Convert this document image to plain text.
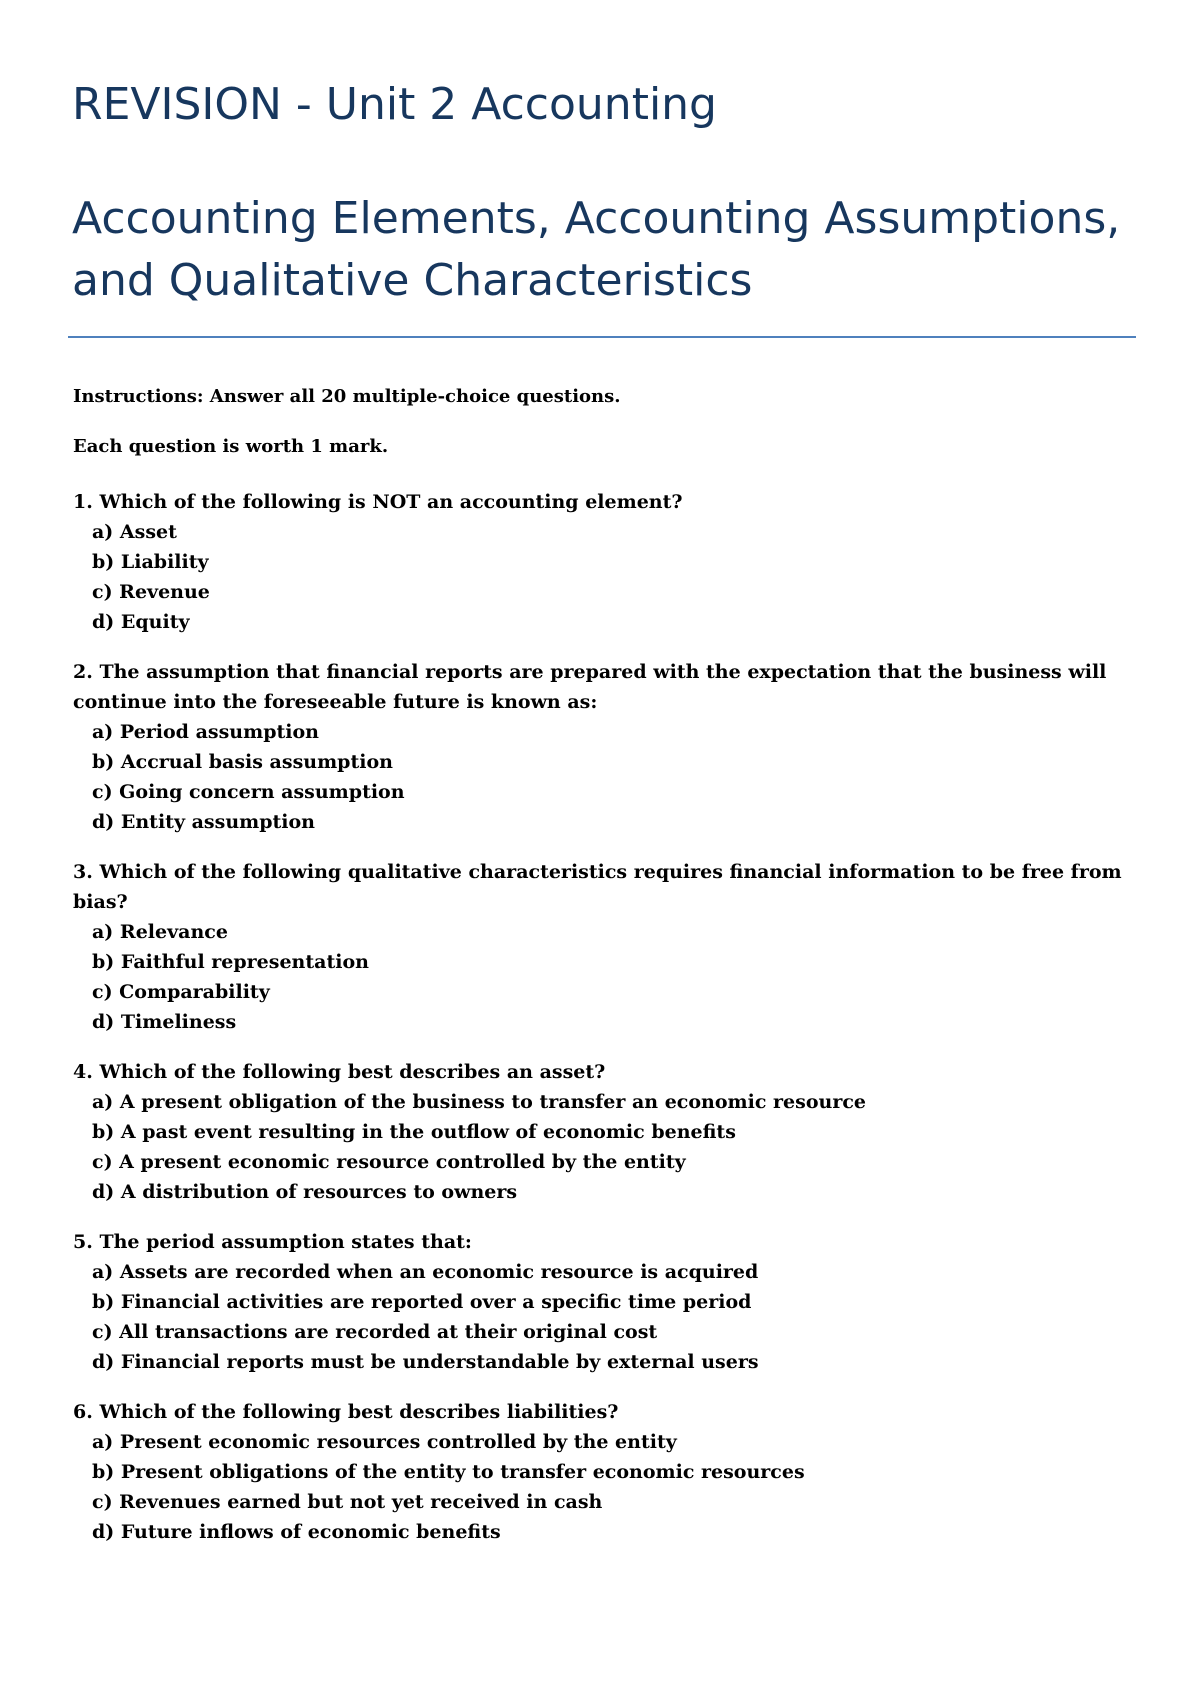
REVISION - Unit 2 Accounting
Accounting Elements, Accounting Assumptions, and Qualitative Characteristics

Instructions: Answer all 20 multiple-choice questions.

Each question is worth 1 mark.

1. Which of the following is NOT an accounting element?

a) Asset
b) Liability
c) Revenue
d) Equity

2. The assumption that financial reports are prepared with the expectation that the business will continue into the foreseeable future is known as:

a) Period assumption
b) Accrual basis assumption
c) Going concern assumption
d) Entity assumption

3. Which of the following qualitative characteristics requires financial information to be free from bias?

a) Relevance
b) Faithful representation
c) Comparability
d) Timeliness

4. Which of the following best describes an asset?

a) A present obligation of the business to transfer an economic resource
b) A past event resulting in the outflow of economic benefits
c) A present economic resource controlled by the entity
d) A distribution of resources to owners

5. The period assumption states that:

a) Assets are recorded when an economic resource is acquired
b) Financial activities are reported over a specific time period
c) All transactions are recorded at their original cost
d) Financial reports must be understandable by external users

6. Which of the following best describes liabilities?

a) Present economic resources controlled by the entity
b) Present obligations of the entity to transfer economic resources
c) Revenues earned but not yet received in cash
d) Future inflows of economic benefits
